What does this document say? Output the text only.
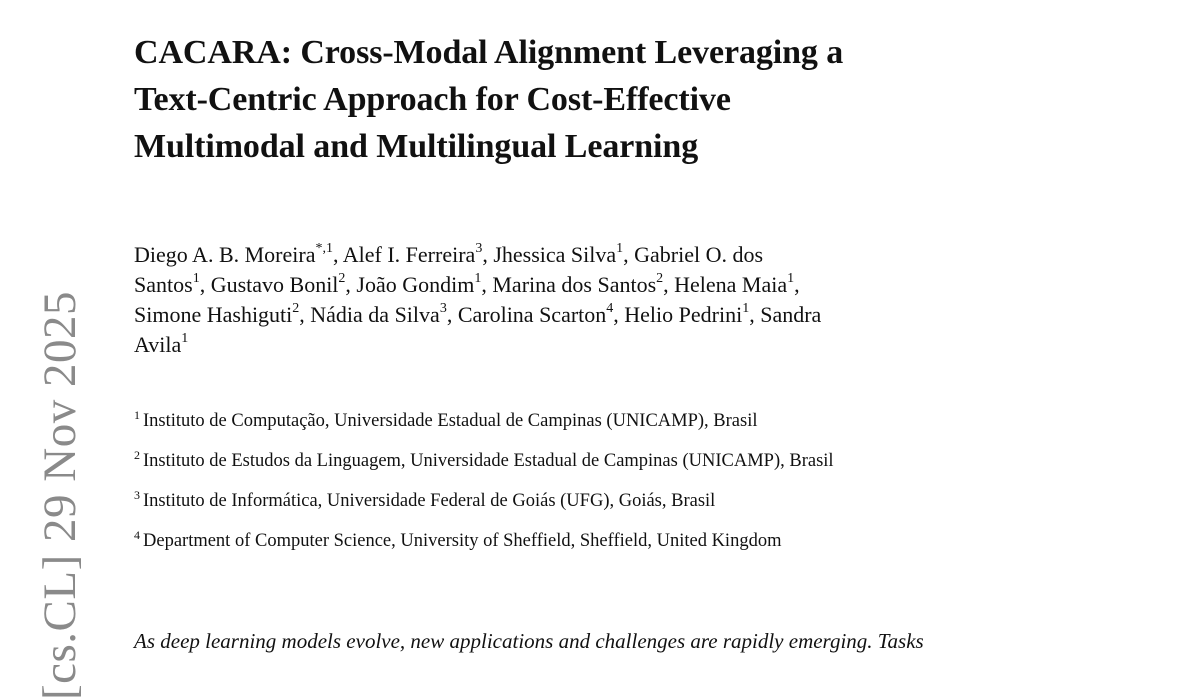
CACARA: Cross-Modal Alignment Leveraging a
Text-Centric Approach for Cost-Effective
Multimodal and Multilingual Learning
Diego A. B. Moreira$^{*,1}$, Alef I. Ferreira$^3$, Jhessica Silva$^1$, Gabriel O. dos
Santos$^1$, Gustavo Bonil$^2$, João Gondim$^1$, Marina dos Santos$^2$, Helena Maia$^1$,
Simone Hashiguti$^2$, Nádia da Silva$^3$, Carolina Scarton$^4$, Helio Pedrini$^1$, Sandra
Avila$^1$
$^1$ Instituto de Computação, Universidade Estadual de Campinas (UNICAMP), Brasil
$^2$ Instituto de Estudos da Linguagem, Universidade Estadual de Campinas (UNICAMP), Brasil
$^3$ Instituto de Informática, Universidade Federal de Goiás (UFG), Goiás, Brasil
$^4$ Department of Computer Science, University of Sheffield, Sheffield, United Kingdom
As deep learning models evolve, new applications and challenges are rapidly emerging. Tasks
[cs.CL] 29 Nov 2025
